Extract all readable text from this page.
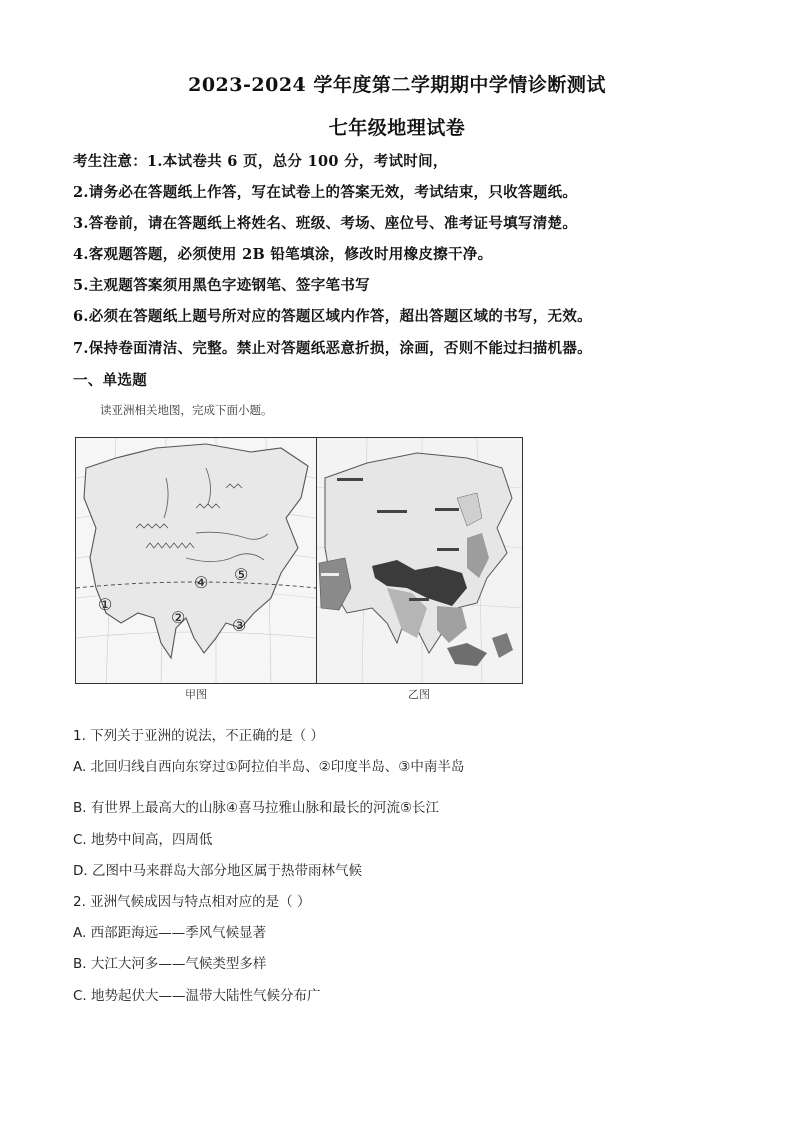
2023-2024 学年度第二学期期中学情诊断测试
七年级地理试卷
考生注意：1.本试卷共 6 页，总分 100 分，考试时间，
2.请务必在答题纸上作答，写在试卷上的答案无效，考试结束，只收答题纸。
3.答卷前，请在答题纸上将姓名、班级、考场、座位号、准考证号填写清楚。
4.客观题答题，必须使用 2B 铅笔填涂，修改时用橡皮擦干净。
5.主观题答案须用黑色字迹钢笔、签字笔书写
6.必须在答题纸上题号所对应的答题区域内作答，超出答题区域的书写，无效。
7.保持卷面清洁、完整。禁止对答题纸恶意折损，涂画，否则不能过扫描机器。
一、单选题
读亚洲相关地图，完成下面小题。
①
②	③
④ ⑤
甲图	乙图
1. 下列关于亚洲的说法，不正确的是（ ）
A. 北回归线自西向东穿过①阿拉伯半岛、②印度半岛、③中南半岛
B. 有世界上最高大的山脉④喜马拉雅山脉和最长的河流⑤长江
C. 地势中间高，四周低
D. 乙图中马来群岛大部分地区属于热带雨林气候
2. 亚洲气候成因与特点相对应的是（ ）
A. 西部距海远——季风气候显著
B. 大江大河多——气候类型多样
C. 地势起伏大——温带大陆性气候分布广
